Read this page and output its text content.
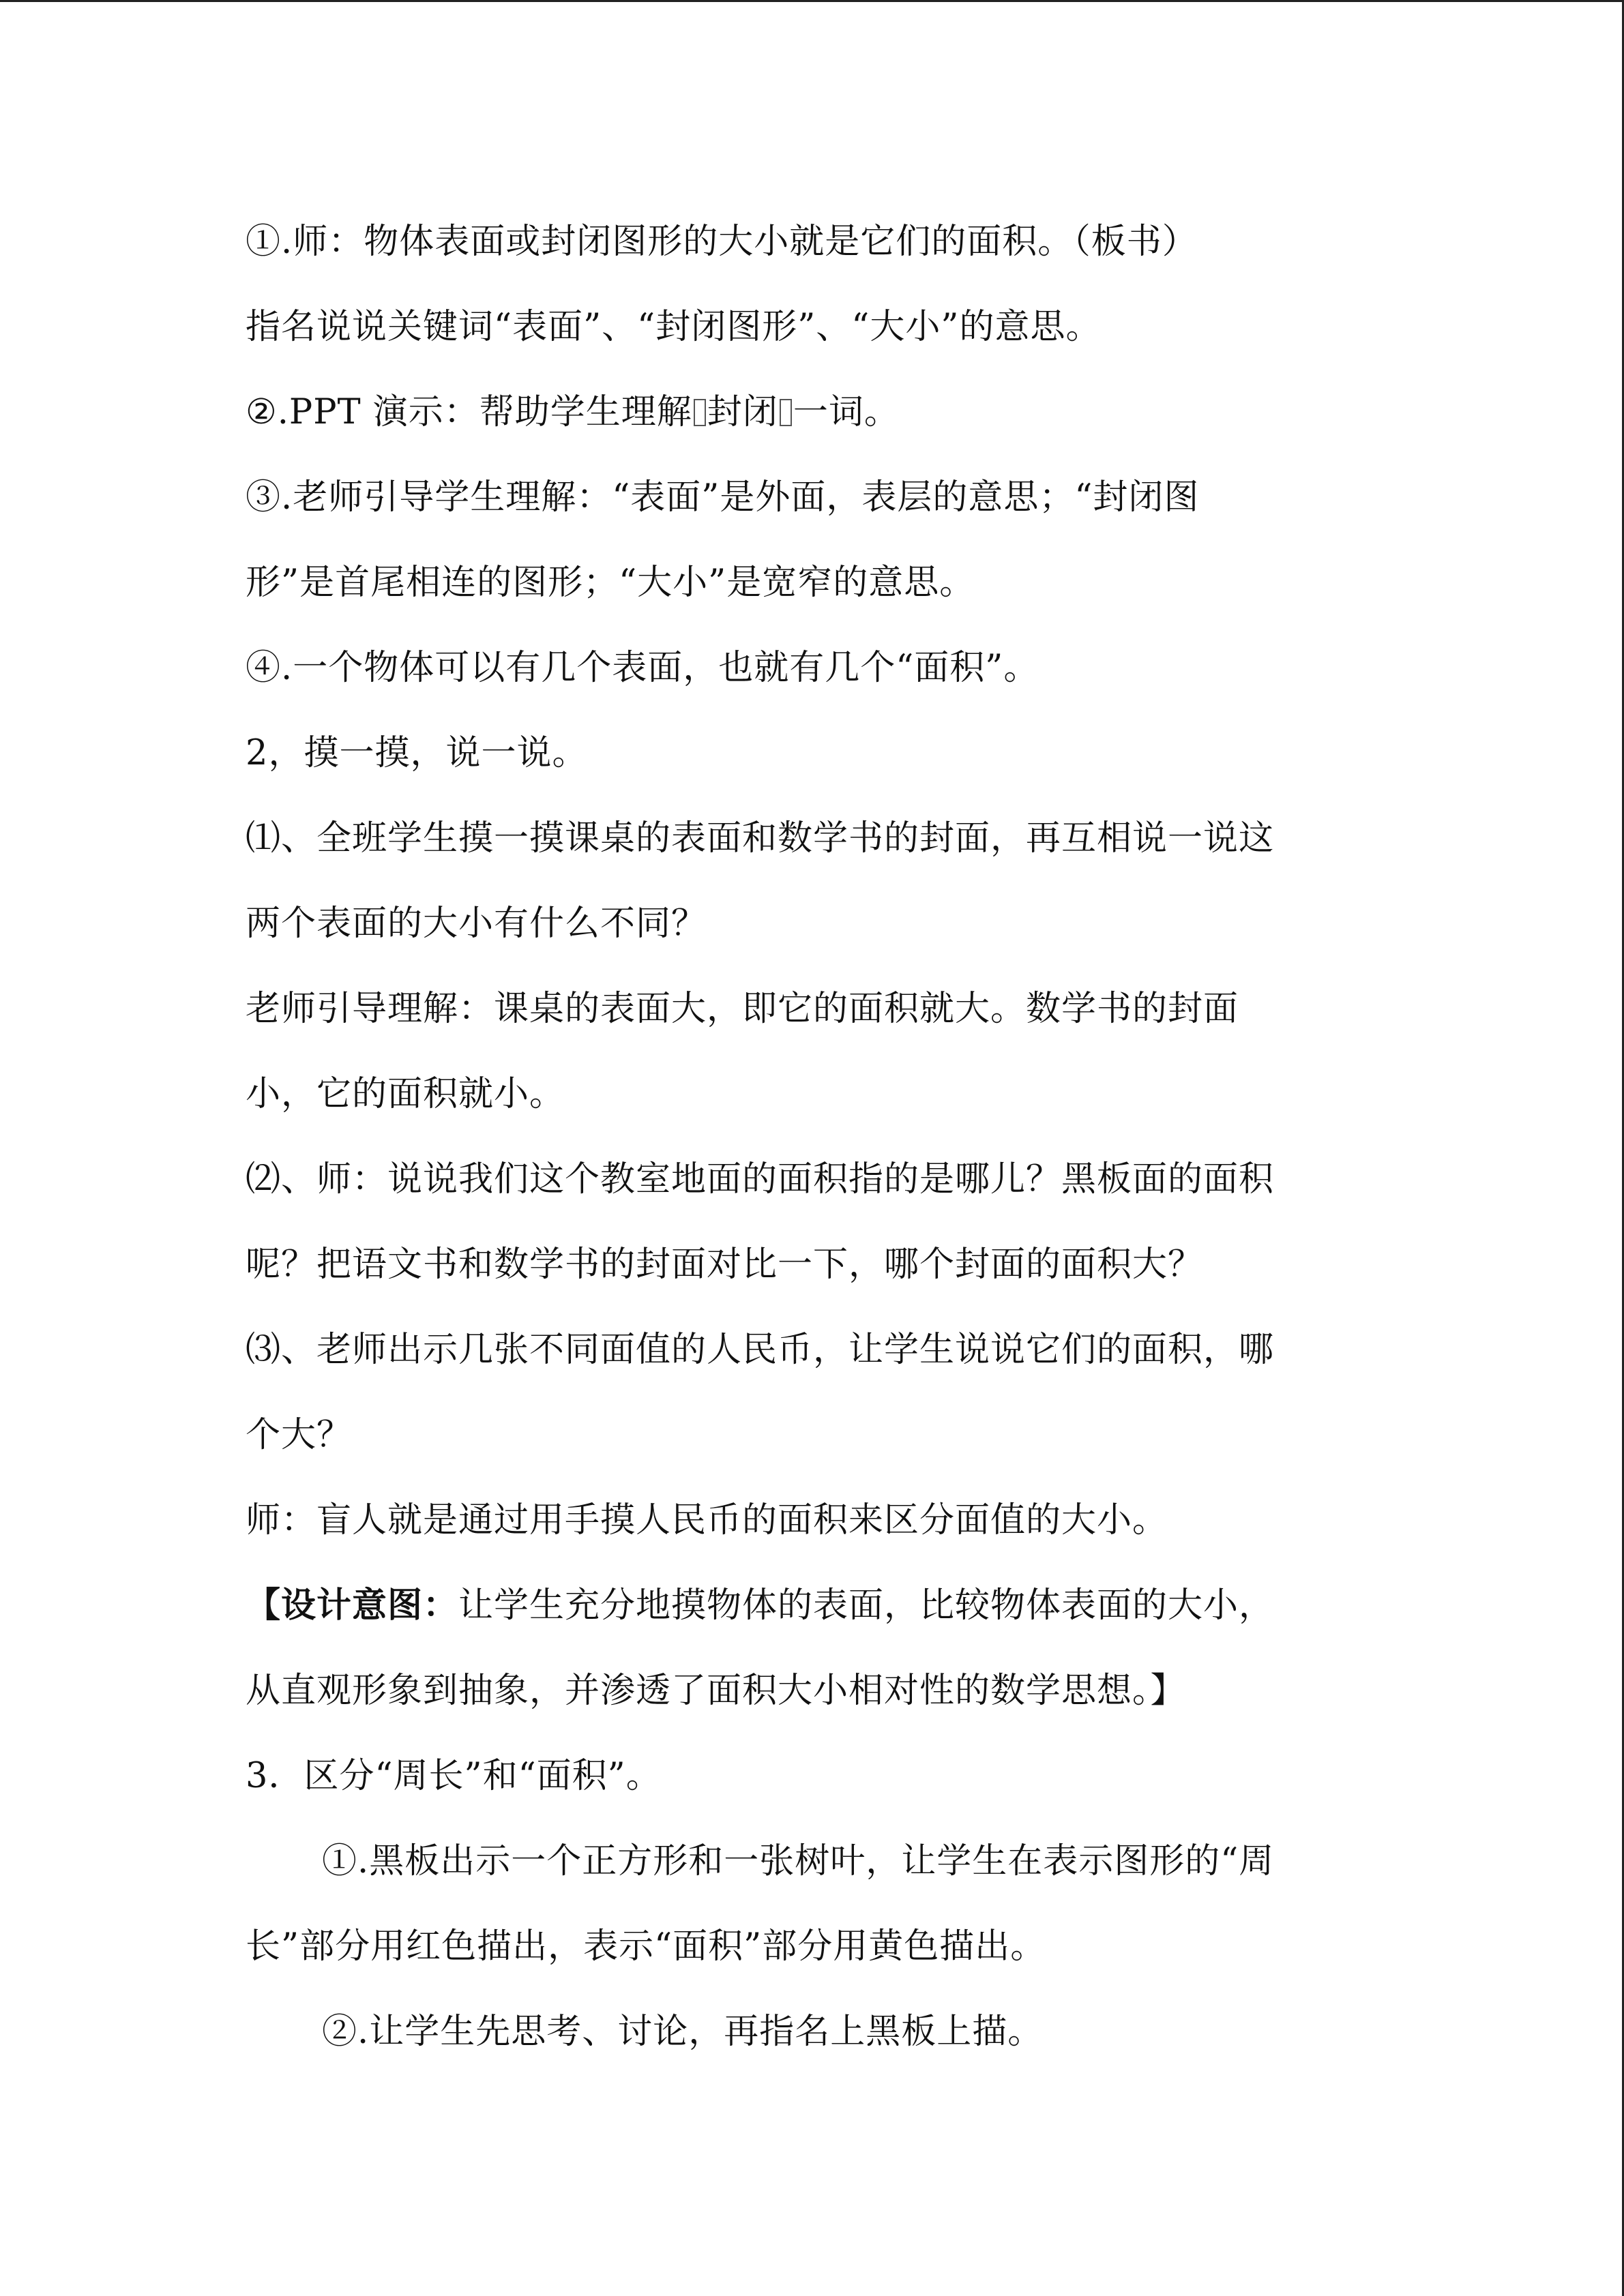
①.师：物体表面或封闭图形的大小就是它们的面积。（板书）
指名说说关键词“表面”、“封闭图形”、“大小”的意思。
②.PPT 演示：帮助学生理解 封闭 一词。
③.老师引导学生理解：“表面”是外面，表层的意思；“封闭图
形”是首尾相连的图形；“大小”是宽窄的意思。
④.一个物体可以有几个表面，也就有几个“面积”。
2，摸一摸，说一说。
⑴、全班学生摸一摸课桌的表面和数学书的封面，再互相说一说这
两个表面的大小有什么不同？
老师引导理解：课桌的表面大，即它的面积就大。数学书的封面
小，它的面积就小。
⑵、师：说说我们这个教室地面的面积指的是哪儿？黑板面的面积
呢？把语文书和数学书的封面对比一下，哪个封面的面积大？
⑶、老师出示几张不同面值的人民币，让学生说说它们的面积，哪
个大？
师：盲人就是通过用手摸人民币的面积来区分面值的大小。
【设计意图：让学生充分地摸物体的表面，比较物体表面的大小，
从直观形象到抽象，并渗透了面积大小相对性的数学思想。】
3．区分“周长”和“面积”。
①.黑板出示一个正方形和一张树叶，让学生在表示图形的“周
长”部分用红色描出，表示“面积”部分用黄色描出。
②.让学生先思考、讨论，再指名上黑板上描。
